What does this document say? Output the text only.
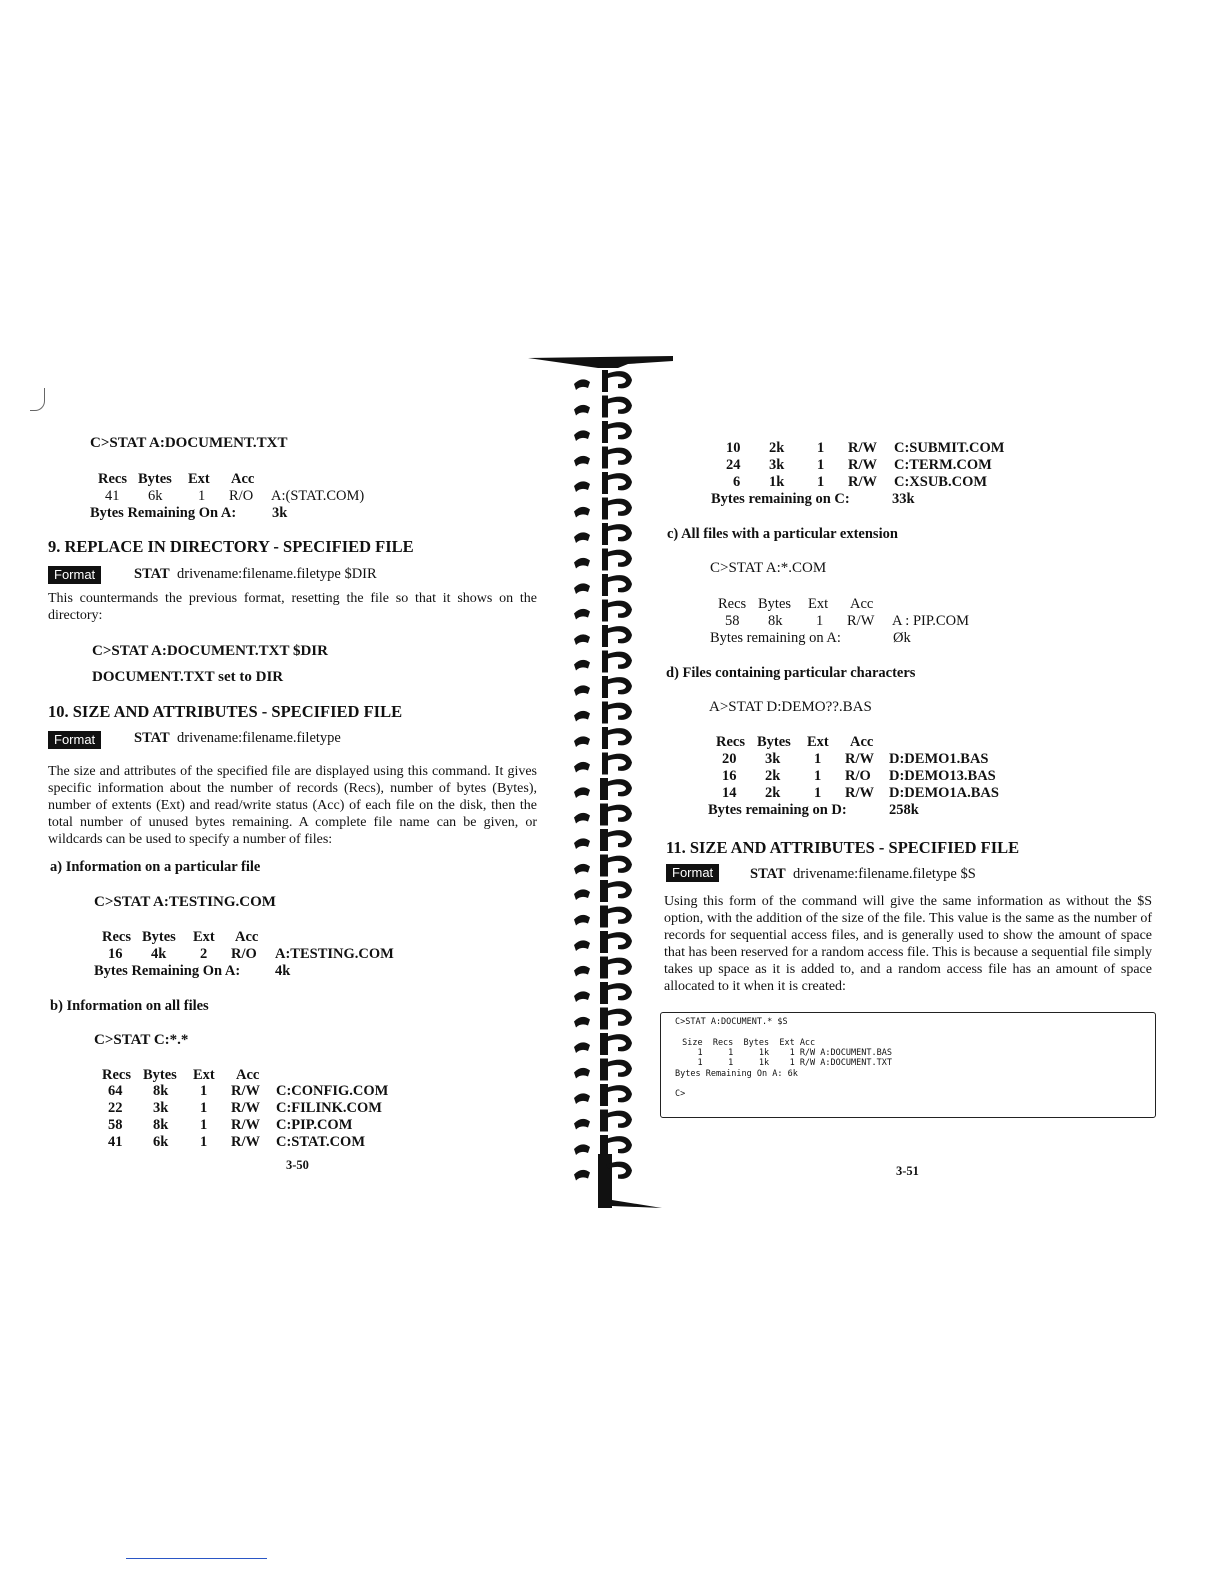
C>STAT A:DOCUMENT.TXT
Recs Bytes Ext Acc
41 6k 1 R/O A:(STAT.COM)
Bytes Remaining On A: 3k
9. REPLACE IN DIRECTORY - SPECIFIED FILE
Format	STAT drivename:filename.filetype $DIR
This countermands the previous format, resetting the file so that it shows on the directory:
C>STAT A:DOCUMENT.TXT $DIR
DOCUMENT.TXT set to DIR
10. SIZE AND ATTRIBUTES - SPECIFIED FILE
Format	STAT drivename:filename.filetype
The size and attributes of the specified file are displayed using this command. It gives specific information about the number of records (Recs), number of bytes (Bytes), number of extents (Ext) and read/write status (Acc) of each file on the disk, then the total number of unused bytes remaining. A complete file name can be given, or wildcards can be used to specify a number of files:
a) Information on a particular file
C>STAT A:TESTING.COM
Recs Bytes Ext Acc
16 4k 2 R/O A:TESTING.COM
Bytes Remaining On A: 4k
b) Information on all files
C>STAT C:*.*
Recs Bytes Ext Acc
64 8k 1 R/W C:CONFIG.COM
22 3k 1 R/W C:FILINK.COM
58 8k 1 R/W C:PIP.COM
41 6k 1 R/W C:STAT.COM
3-50
10 2k 1 R/W C:SUBMIT.COM
24 3k 1 R/W C:TERM.COM
6 1k 1 R/W C:XSUB.COM
Bytes remaining on C:	33k
c) All files with a particular extension
C>STAT A:*.COM
Recs Bytes Ext Acc
58 8k 1 R/W A : PIP.COM
Bytes remaining on A:	Øk
d) Files containing particular characters
A>STAT D:DEMO??.BAS
Recs Bytes Ext Acc
20 3k 1 R/W D:DEMO1.BAS
16 2k 1 R/O D:DEMO13.BAS
14 2k 1 R/W D:DEMO1A.BAS
Bytes remaining on D:	258k
11. SIZE AND ATTRIBUTES - SPECIFIED FILE
Format	STAT drivename:filename.filetype $S
Using this form of the command will give the same information as without the $S option, with the addition of the size of the file. This value is the same as the number of records for sequential access files, and is generally used to show the amount of space that has been reserved for a random access file. This is because a sequential file simply takes up space as it is added to, and a random access file has an amount of space allocated to it when it is created:
C>STAT A:DOCUMENT.* $S
Size  Recs  Bytes  Ext Acc
1     1     1k    1 R/W A:DOCUMENT.BAS
1     1     1k    1 R/W A:DOCUMENT.TXT
Bytes Remaining On A: 6k
C>
3-51
